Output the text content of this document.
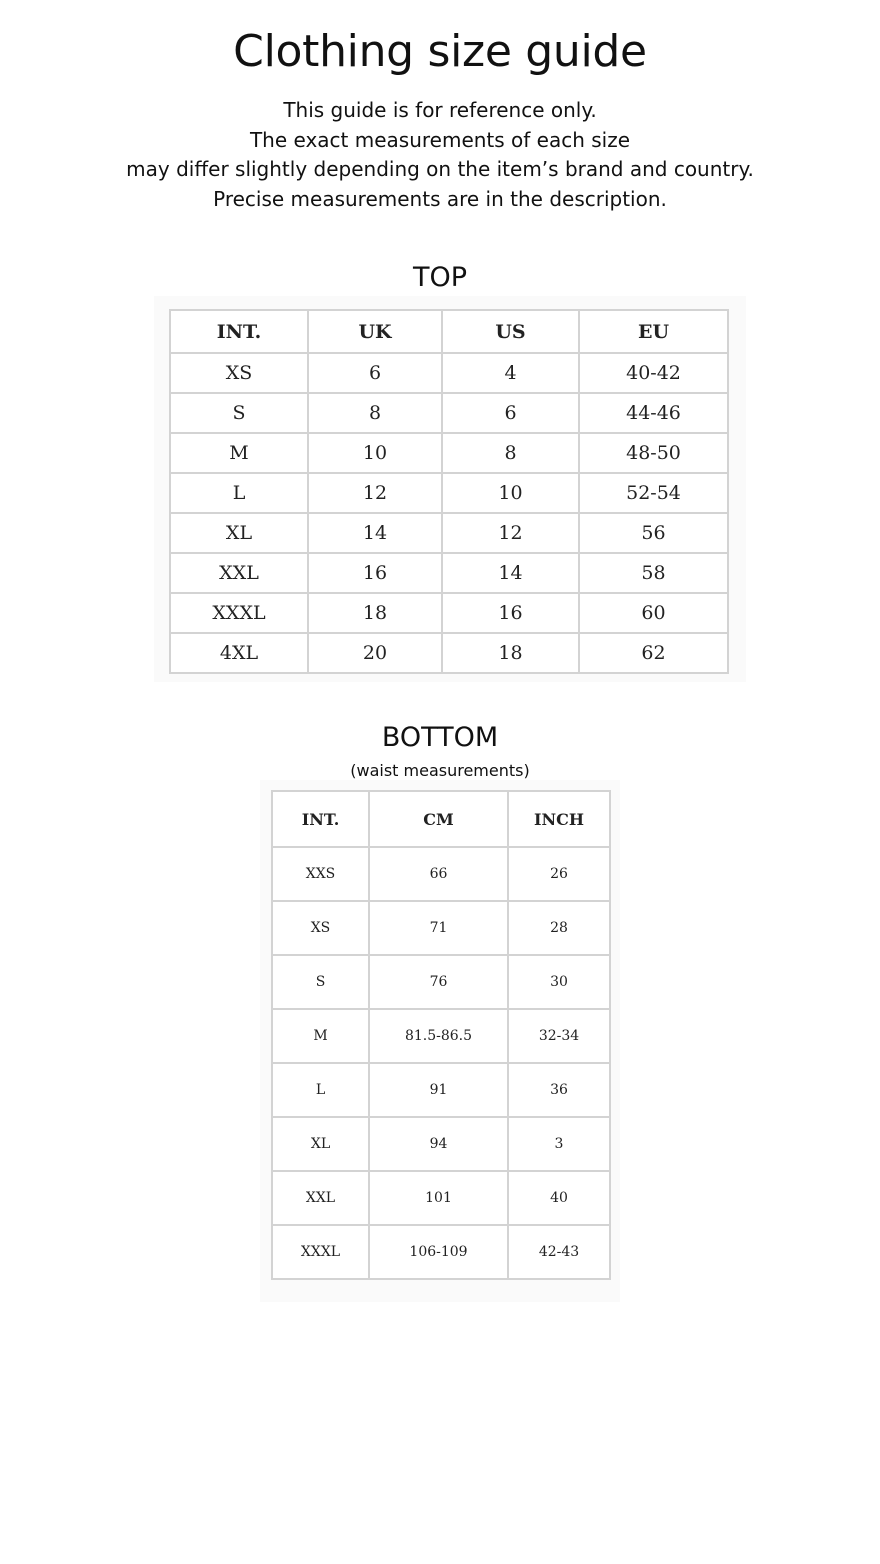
Clothing size guide
This guide is for reference only.
The exact measurements of each size
may differ slightly depending on the item’s brand and country.
Precise measurements are in the description.
TOP
INT.	UK	US	EU
XS	6	4	40-42
S	8	6	44-46
M	10	8	48-50
L	12	10	52-54
XL	14	12	56
XXL	16	14	58
XXXL	18	16	60
4XL	20	18	62
BOTTOM
(waist measurements)
INT.	CM	INCH
XXS	66	26
XS	71	28
S	76	30
M	81.5-86.5	32-34
L	91	36
XL	94	3
XXL	101	40
XXXL	106-109	42-43
